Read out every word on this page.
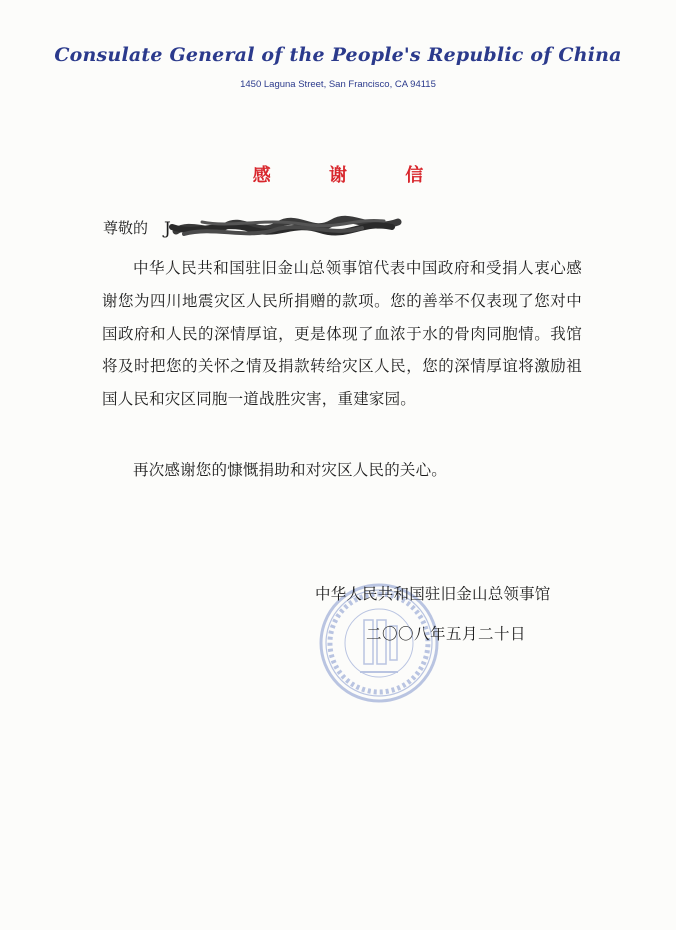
Consulate General of the People's Republic of China
1450 Laguna Street, San Francisco, CA 94115
感 谢 信
尊敬的 J

中华人民共和国驻旧金山总领事馆代表中国政府和受捐人衷心感谢您为四川地震灾区人民所捐赠的款项。您的善举不仅表现了您对中国政府和人民的深情厚谊，更是体现了血浓于水的骨肉同胞情。我馆将及时把您的关怀之情及捐款转给灾区人民，您的深情厚谊将激励祖国人民和灾区同胞一道战胜灾害，重建家园。

再次感谢您的慷慨捐助和对灾区人民的关心。

中华人民共和国驻旧金山总领事馆
二〇〇八年五月二十日
